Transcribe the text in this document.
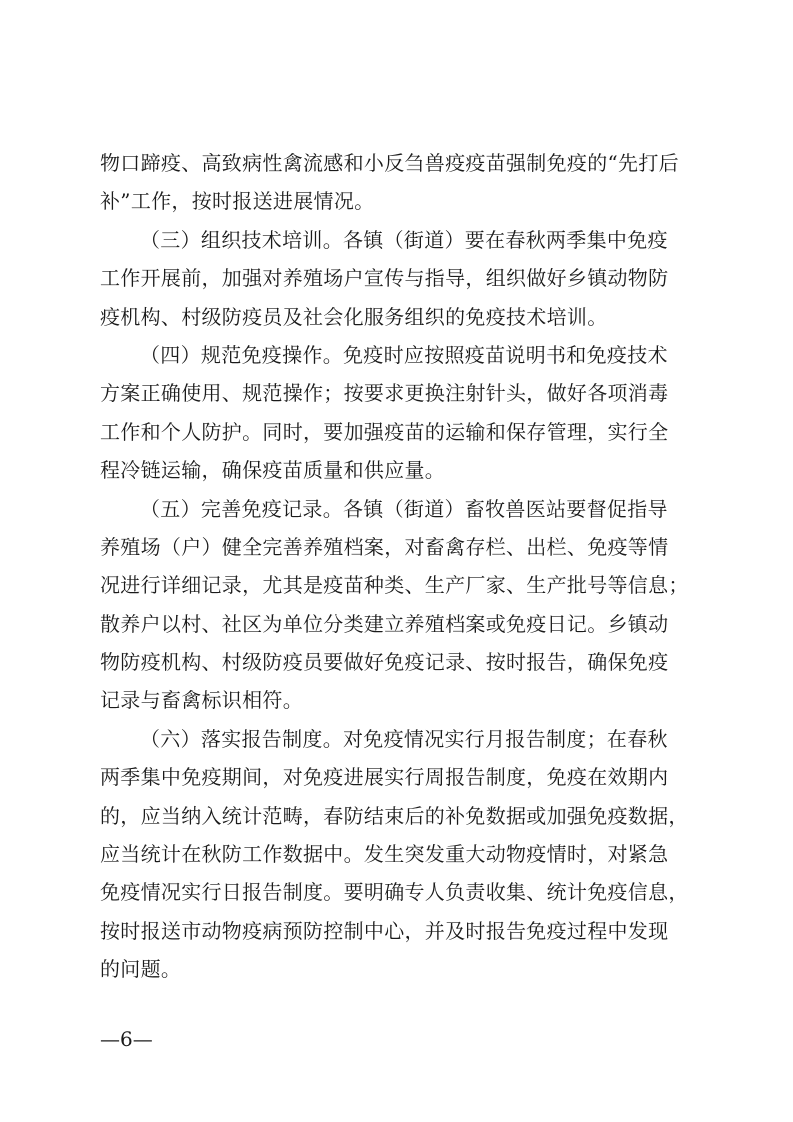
物口蹄疫、高致病性禽流感和小反刍兽疫疫苗强制免疫的“先打后
补”工作，按时报送进展情况。
（三）组织技术培训。各镇（街道）要在春秋两季集中免疫
工作开展前，加强对养殖场户宣传与指导，组织做好乡镇动物防
疫机构、村级防疫员及社会化服务组织的免疫技术培训。
（四）规范免疫操作。免疫时应按照疫苗说明书和免疫技术
方案正确使用、规范操作；按要求更换注射针头，做好各项消毒
工作和个人防护。同时，要加强疫苗的运输和保存管理，实行全
程冷链运输，确保疫苗质量和供应量。
（五）完善免疫记录。各镇（街道）畜牧兽医站要督促指导
养殖场（户）健全完善养殖档案，对畜禽存栏、出栏、免疫等情
况进行详细记录，尤其是疫苗种类、生产厂家、生产批号等信息；
散养户以村、社区为单位分类建立养殖档案或免疫日记。乡镇动
物防疫机构、村级防疫员要做好免疫记录、按时报告，确保免疫
记录与畜禽标识相符。
（六）落实报告制度。对免疫情况实行月报告制度；在春秋
两季集中免疫期间，对免疫进展实行周报告制度，免疫在效期内
的，应当纳入统计范畴，春防结束后的补免数据或加强免疫数据，
应当统计在秋防工作数据中。发生突发重大动物疫情时，对紧急
免疫情况实行日报告制度。要明确专人负责收集、统计免疫信息，
按时报送市动物疫病预防控制中心，并及时报告免疫过程中发现
的问题。
—6—
